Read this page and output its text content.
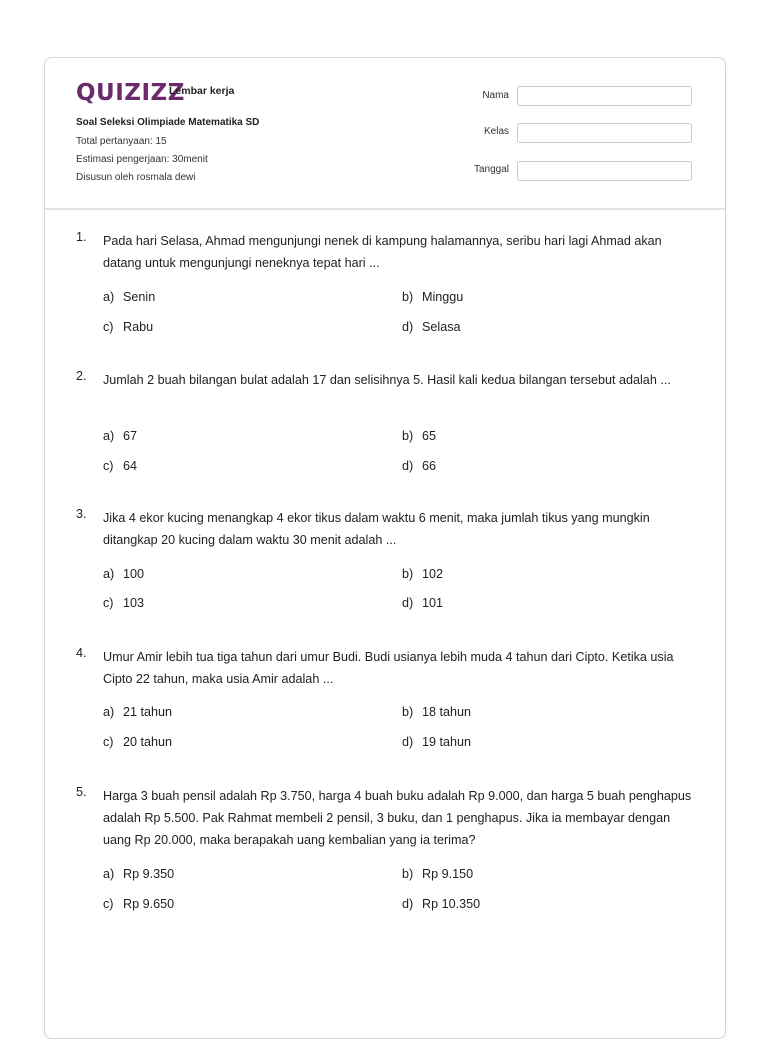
QUIZIZZ
Lembar kerja
Soal Seleksi Olimpiade Matematika SD
Total pertanyaan: 15
Estimasi pengerjaan: 30menit
Disusun oleh rosmala dewi
Nama
Kelas
Tanggal
1. Pada hari Selasa, Ahmad mengunjungi nenek di kampung halamannya, seribu hari lagi Ahmad akan datang untuk mengunjungi neneknya tepat hari ...
a) Senin	b) Minggu
c) Rabu	d) Selasa
2. Jumlah 2 buah bilangan bulat adalah 17 dan selisihnya 5. Hasil kali kedua bilangan tersebut adalah ...
a) 67	b) 65
c) 64	d) 66
3. Jika 4 ekor kucing menangkap 4 ekor tikus dalam waktu 6 menit, maka jumlah tikus yang mungkin ditangkap 20 kucing dalam waktu 30 menit adalah ...
a) 100	b) 102
c) 103	d) 101
4. Umur Amir lebih tua tiga tahun dari umur Budi. Budi usianya lebih muda 4 tahun dari Cipto. Ketika usia Cipto 22 tahun, maka usia Amir adalah ...
a) 21 tahun	b) 18 tahun
c) 20 tahun	d) 19 tahun
5. Harga 3 buah pensil adalah Rp 3.750, harga 4 buah buku adalah Rp 9.000, dan harga 5 buah penghapus adalah Rp 5.500. Pak Rahmat membeli 2 pensil, 3 buku, dan 1 penghapus. Jika ia membayar dengan uang Rp 20.000, maka berapakah uang kembalian yang ia terima?
a) Rp 9.350	b) Rp 9.150
c) Rp 9.650	d) Rp 10.350
